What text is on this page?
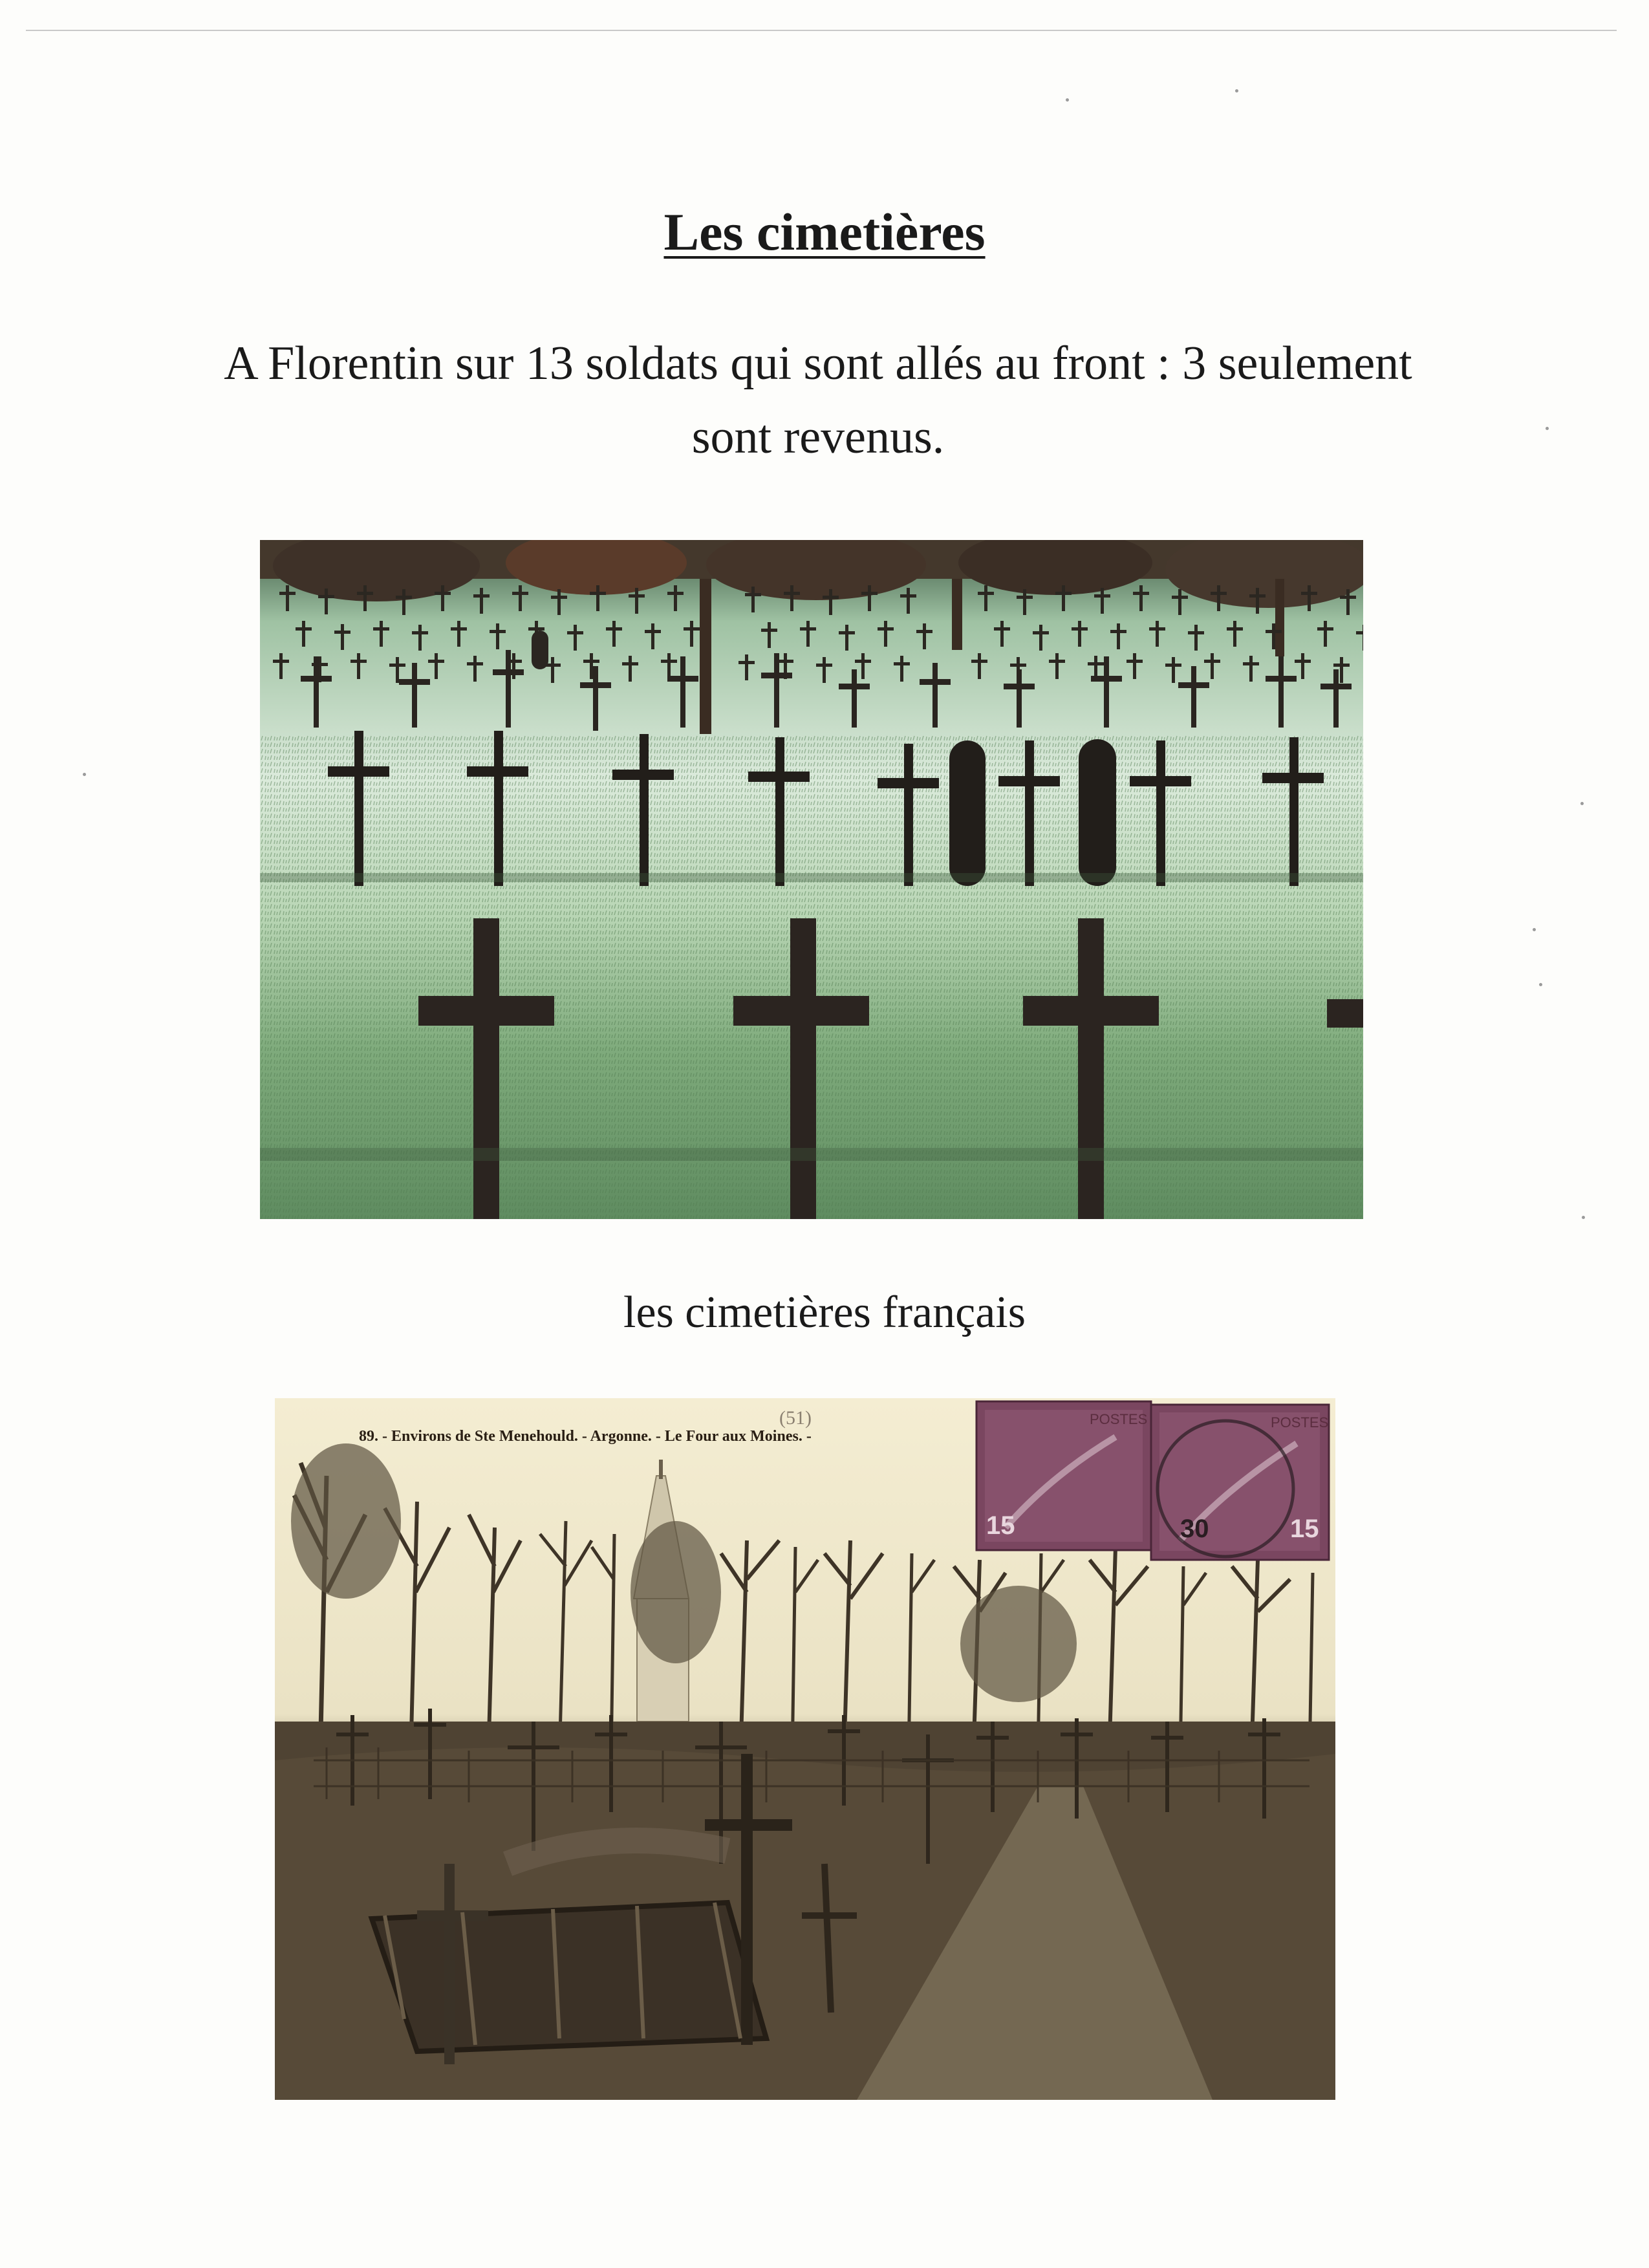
Les cimetières

A Florentin sur 13 soldats qui sont allés au front : 3 seulement sont revenus.

les cimetières français

89. - Environs de Ste Menehould. - Argonne. - Le Four aux Moines. -
(51)	POSTES
15
POSTES
15
30
